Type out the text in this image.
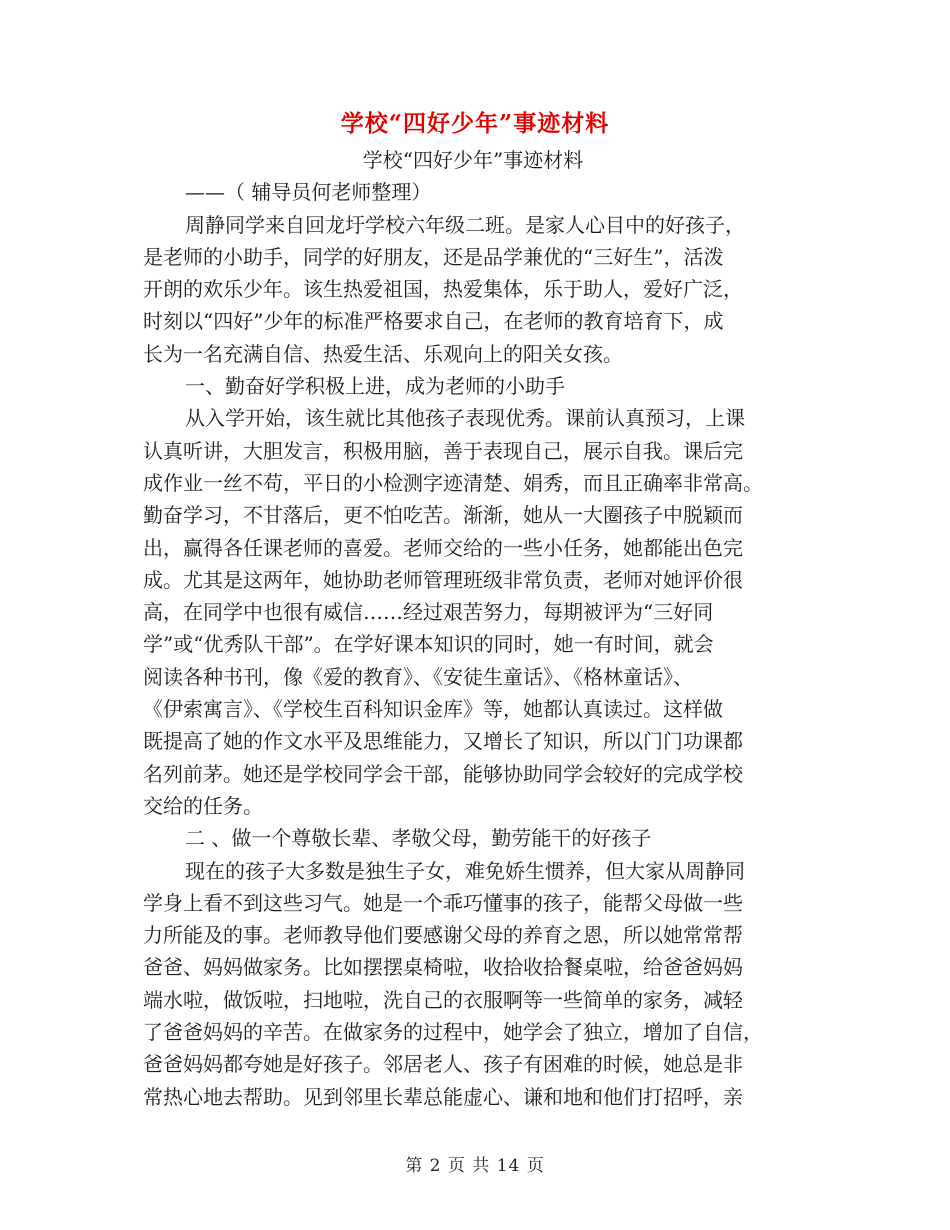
学校“四好少年”事迹材料

学校“四好少年”事迹材料

——（ 辅导员何老师整理）

周静同学来自回龙圩学校六年级二班。是家人心目中的好孩子，

是老师的小助手，同学的好朋友，还是品学兼优的“三好生”，活泼

开朗的欢乐少年。该生热爱祖国，热爱集体，乐于助人，爱好广泛，

时刻以“四好”少年的标准严格要求自己，在老师的教育培育下，成

长为一名充满自信、热爱生活、乐观向上的阳关女孩。

一、勤奋好学积极上进，成为老师的小助手

从入学开始，该生就比其他孩子表现优秀。课前认真预习，上课

认真听讲，大胆发言，积极用脑，善于表现自己，展示自我。课后完

成作业一丝不苟，平日的小检测字迹清楚、娟秀，而且正确率非常高。

勤奋学习，不甘落后，更不怕吃苦。渐渐，她从一大圈孩子中脱颖而

出，赢得各任课老师的喜爱。老师交给的一些小任务，她都能出色完

成。尤其是这两年，她协助老师管理班级非常负责，老师对她评价很

高，在同学中也很有威信……经过艰苦努力，每期被评为“三好同

学”或“优秀队干部”。在学好课本知识的同时，她一有时间，就会

阅读各种书刊，像《爱的教育》、《安徒生童话》、《格林童话》、

《伊索寓言》、《学校生百科知识金库》等，她都认真读过。这样做

既提高了她的作文水平及思维能力，又增长了知识，所以门门功课都

名列前茅。她还是学校同学会干部，能够协助同学会较好的完成学校

交给的任务。

二 、做一个尊敬长辈、孝敬父母，勤劳能干的好孩子

现在的孩子大多数是独生子女，难免娇生惯养，但大家从周静同

学身上看不到这些习气。她是一个乖巧懂事的孩子，能帮父母做一些

力所能及的事。老师教导他们要感谢父母的养育之恩，所以她常常帮

爸爸、妈妈做家务。比如摆摆桌椅啦，收拾收拾餐桌啦，给爸爸妈妈

端水啦，做饭啦，扫地啦，洗自己的衣服啊等一些简单的家务，减轻

了爸爸妈妈的辛苦。在做家务的过程中，她学会了独立，增加了自信，

爸爸妈妈都夸她是好孩子。邻居老人、孩子有困难的时候，她总是非

常热心地去帮助。见到邻里长辈总能虚心、谦和地和他们打招呼，亲

第 2 页 共 14 页
